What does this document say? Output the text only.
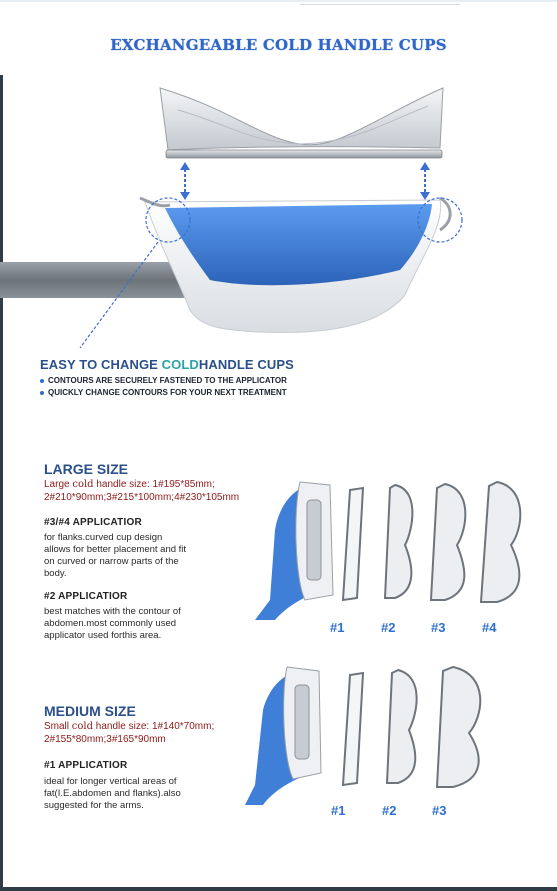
EXCHANGEABLE COLD HANDLE CUPS
EASY TO CHANGE COLDHANDLE CUPS
CONTOURS ARE SECURELY FASTENED TO THE APPLICATOR
QUICKLY CHANGE CONTOURS FOR YOUR NEXT TREATMENT
LARGE SIZE
Large cold handle size: 1#195*85mm;
2#210*90mm;3#215*100mm;4#230*105mm
#3/#4 APPLICATIOR
for flanks.curved cup design
allows for better placement and fit
on curved or narrow parts of the
body.
#2 APPLICATIOR
best matches with the contour of
abdomen.most commonly used
applicator used forthis area.
#1	#2	#3	#4
MEDIUM SIZE
Small cold handle size: 1#140*70mm;
2#155*80mm;3#165*90mm
#1 APPLICATIOR
ideal for longer vertical areas of
fat(I.E.abdomen and flanks).also
suggested for the arms.	#1	#2	#3
